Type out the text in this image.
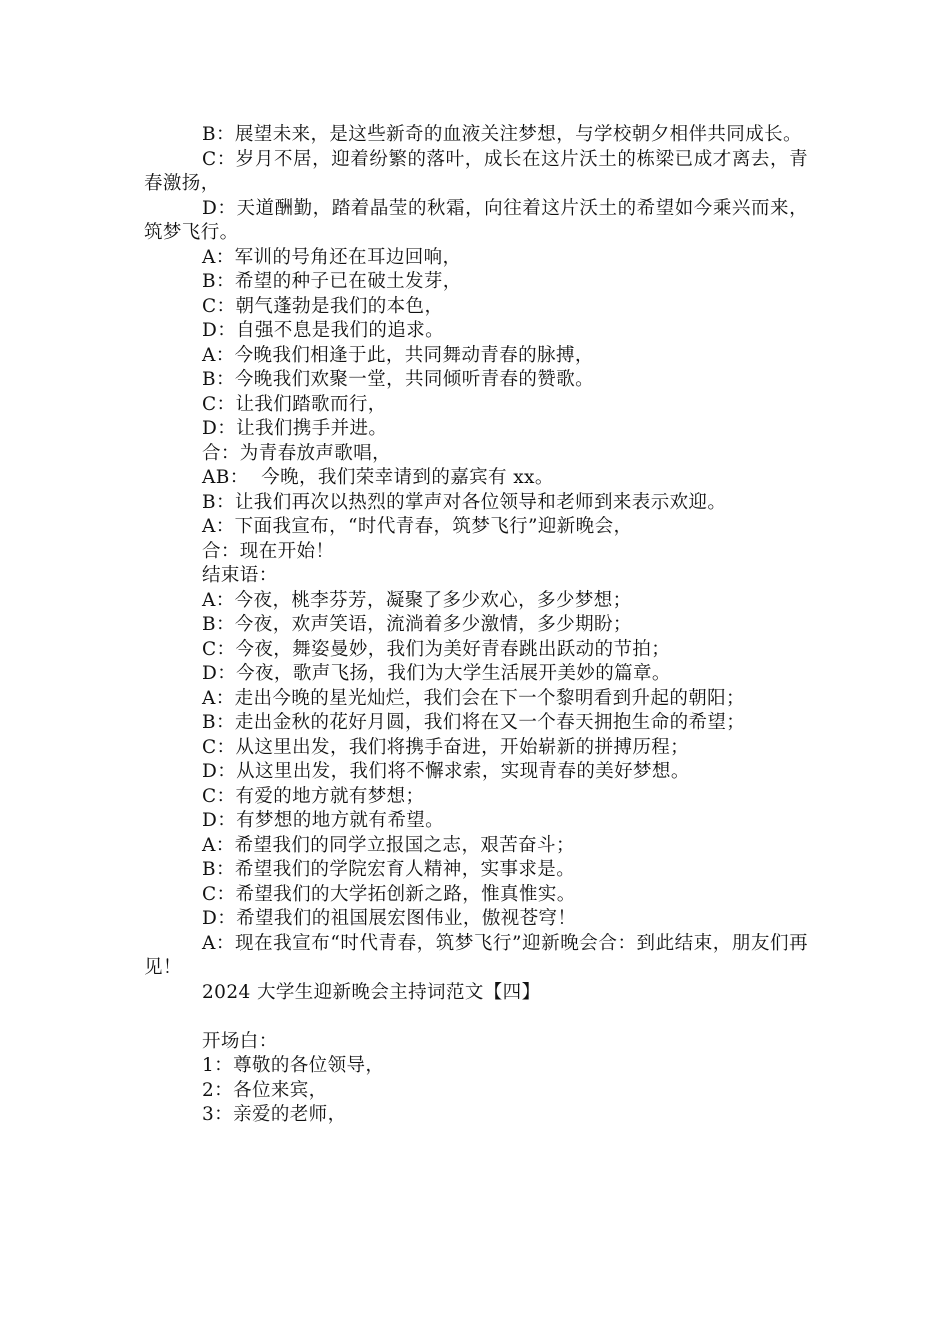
B：展望未来，是这些新奇的血液关注梦想，与学校朝夕相伴共同成长。

C：岁月不居，迎着纷繁的落叶，成长在这片沃土的栋梁已成才离去，青春激扬，

D：天道酬勤，踏着晶莹的秋霜，向往着这片沃土的希望如今乘兴而来，筑梦飞行。

A：军训的号角还在耳边回响，

B：希望的种子已在破土发芽，

C：朝气蓬勃是我们的本色，

D：自强不息是我们的追求。

A：今晚我们相逢于此，共同舞动青春的脉搏，

B：今晚我们欢聚一堂，共同倾听青春的赞歌。

C：让我们踏歌而行，

D：让我们携手并进。

合：为青春放声歌唱，

AB：  今晚，我们荣幸请到的嘉宾有 xx。

B：让我们再次以热烈的掌声对各位领导和老师到来表示欢迎。

A：下面我宣布，“时代青春，筑梦飞行”迎新晚会，

合：现在开始！

结束语：

A：今夜，桃李芬芳，凝聚了多少欢心，多少梦想；

B：今夜，欢声笑语，流淌着多少激情，多少期盼；

C：今夜，舞姿曼妙，我们为美好青春跳出跃动的节拍；

D：今夜，歌声飞扬，我们为大学生活展开美妙的篇章。

A：走出今晚的星光灿烂，我们会在下一个黎明看到升起的朝阳；

B：走出金秋的花好月圆，我们将在又一个春天拥抱生命的希望；

C：从这里出发，我们将携手奋进，开始崭新的拼搏历程；

D：从这里出发，我们将不懈求索，实现青春的美好梦想。

C：有爱的地方就有梦想；

D：有梦想的地方就有希望。

A：希望我们的同学立报国之志，艰苦奋斗；

B：希望我们的学院宏育人精神，实事求是。

C：希望我们的大学拓创新之路，惟真惟实。

D：希望我们的祖国展宏图伟业，傲视苍穹！

A：现在我宣布“时代青春，筑梦飞行”迎新晚会合：到此结束，朋友们再见！

2024 大学生迎新晚会主持词范文【四】

开场白：

1：尊敬的各位领导，

2：各位来宾，

3：亲爱的老师，
